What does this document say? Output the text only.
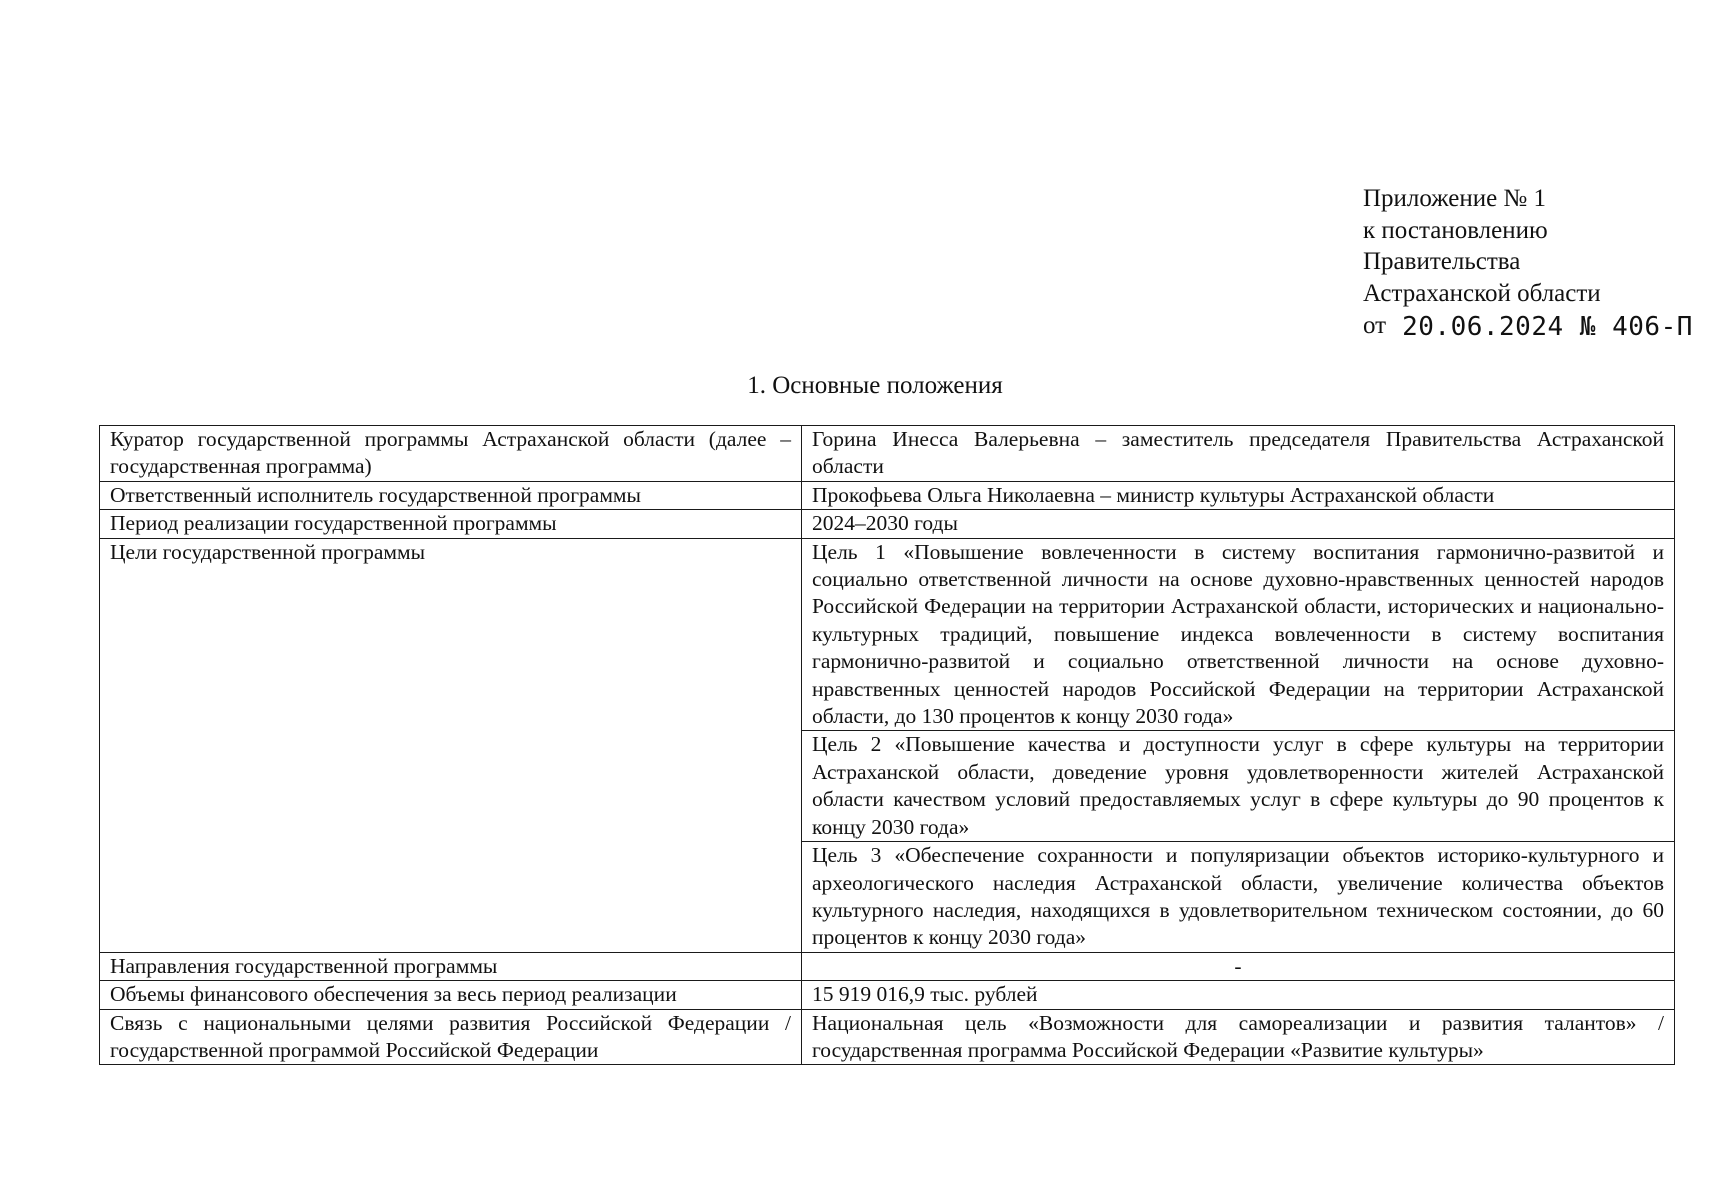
Приложение № 1
к постановлению
Правительства
Астраханской области
от 20.06.2024 № 406-П
1. Основные положения
Куратор государственной программы Астраханской области (далее – государственная программа)	Горина Инесса Валерьевна – заместитель председателя Правительства Астраханской области
Ответственный исполнитель государственной программы	Прокофьева Ольга Николаевна – министр культуры Астраханской области
Период реализации государственной программы	2024–2030 годы
Цели государственной программы	Цель 1 «Повышение вовлеченности в систему воспитания гармонично-развитой и социально ответственной личности на основе духовно-нравственных ценностей народов Российской Федерации на территории Астраханской области, исторических и национально-культурных традиций, повышение индекса вовлеченности в систему воспитания гармонично-развитой и социально ответственной личности на основе духовно-нравственных ценностей народов Российской Федерации на территории Астраханской области, до 130 процентов к концу 2030 года»
	Цель 2 «Повышение качества и доступности услуг в сфере культуры на территории Астраханской области, доведение уровня удовлетворенности жителей Астраханской области качеством условий предоставляемых услуг в сфере культуры до 90 процентов к концу 2030 года»
	Цель 3 «Обеспечение сохранности и популяризации объектов историко-культурного и археологического наследия Астраханской области, увеличение количества объектов культурного наследия, находящихся в удовлетворительном техническом состоянии, до 60 процентов к концу 2030 года»
Направления государственной программы	-
Объемы финансового обеспечения за весь период реализации	15 919 016,9 тыс. рублей
Связь с национальными целями развития Российской Федерации / государственной программой Российской Федерации	Национальная цель «Возможности для самореализации и развития талантов» / государственная программа Российской Федерации «Развитие культуры»
